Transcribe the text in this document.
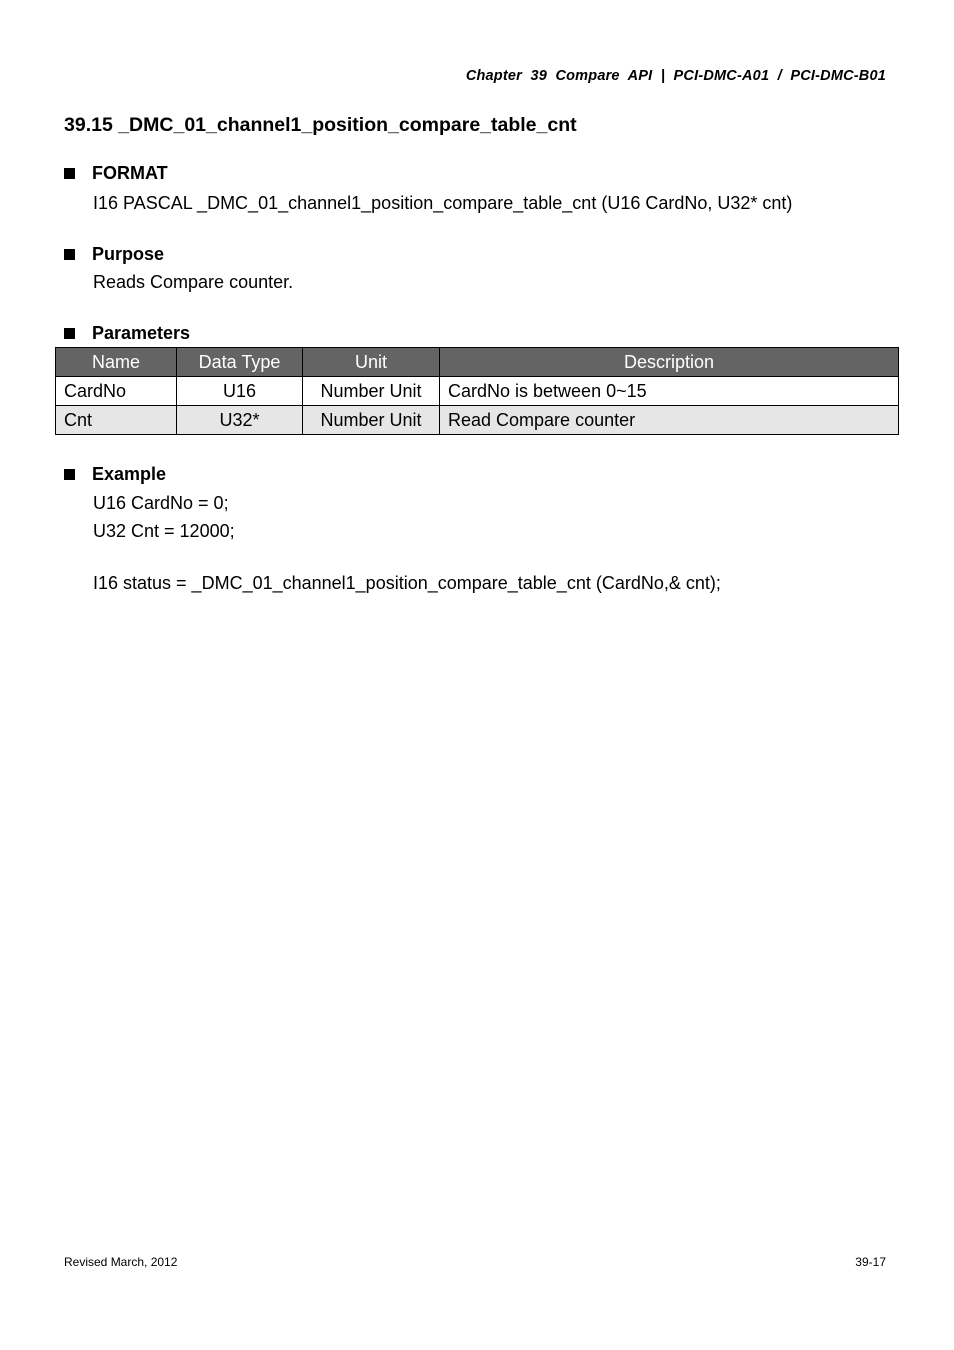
Chapter  39  Compare  API  |  PCI-DMC-A01  /  PCI-DMC-B01
39.15 _DMC_01_channel1_position_compare_table_cnt
FORMAT
I16 PASCAL _DMC_01_channel1_position_compare_table_cnt (U16 CardNo, U32* cnt)
Purpose
Reads Compare counter.
Parameters
Name	Data Type	Unit	Description
CardNo	U16	Number Unit	CardNo is between 0~15
Cnt	U32*	Number Unit	Read Compare counter
Example
U16 CardNo = 0;
U32 Cnt = 12000;
I16 status = _DMC_01_channel1_position_compare_table_cnt (CardNo,& cnt);
Revised March, 2012	39-17
